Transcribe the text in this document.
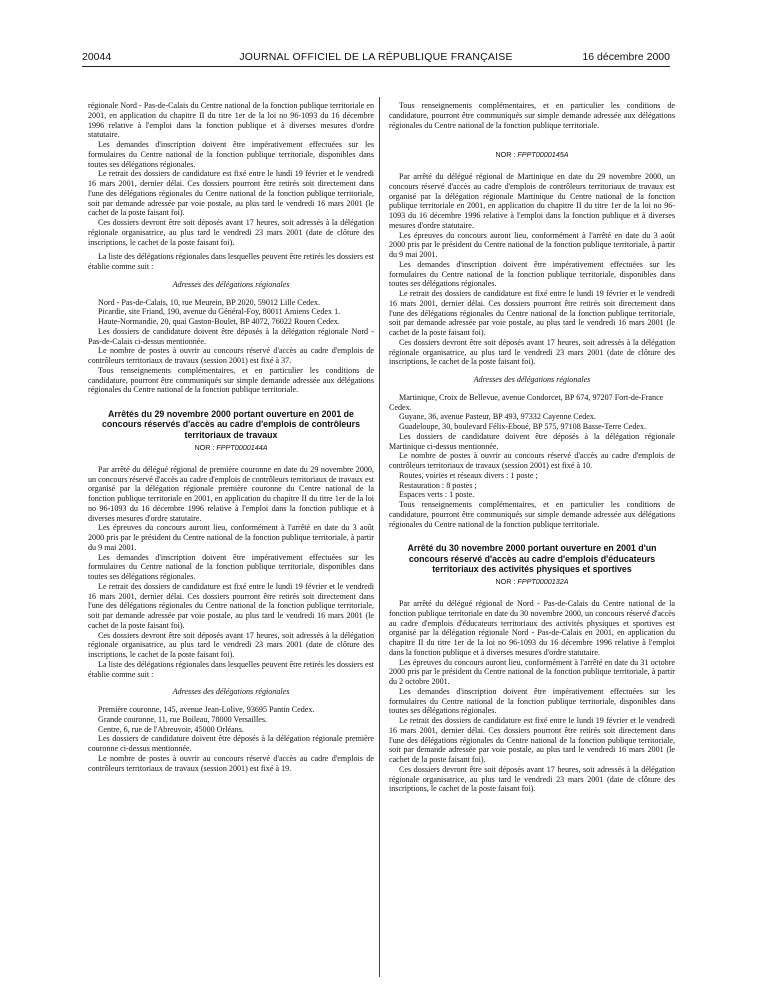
20044	JOURNAL OFFICIEL DE LA RÉPUBLIQUE FRANÇAISE	16 décembre 2000

régionale Nord - Pas-de-Calais du Centre national de la fonction publique territoriale en 2001, en application du chapitre II du titre 1er de la loi no 96-1093 du 16 décembre 1996 relative à l'emploi dans la fonction publique et à diverses mesures d'ordre statutaire.

Les demandes d'inscription doivent être impérativement effectuées sur les formulaires du Centre national de la fonction publique territoriale, disponibles dans toutes ses délégations régionales.

Le retrait des dossiers de candidature est fixé entre le lundi 19 février et le vendredi 16 mars 2001, dernier délai. Ces dossiers pourront être retirés soit directement dans l'une des délégations régionales du Centre national de la fonction publique territoriale, soit par demande adressée par voie postale, au plus tard le vendredi 16 mars 2001 (le cachet de la poste faisant foi).

Ces dossiers devront être soit déposés avant 17 heures, soit adressés à la délégation régionale organisatrice, au plus tard le vendredi 23 mars 2001 (date de clôture des inscriptions, le cachet de la poste faisant foi).

La liste des délégations régionales dans lesquelles peuvent être retirés les dossiers est établie comme suit :

Adresses des délégations régionales

Nord - Pas-de-Calais, 10, rue Meurein, BP 2020, 59012 Lille Cedex.

Picardie, site Friand, 190, avenue du Général-Foy, 80011 Amiens Cedex 1.

Haute-Normandie, 20, quai Gaston-Boulet, BP 4072, 76022 Rouen Cedex.

Les dossiers de candidature doivent être déposés à la délégation régionale Nord - Pas-de-Calais ci-dessus mentionnée.

Le nombre de postes à ouvrir au concours réservé d'accès au cadre d'emplois de contrôleurs territoriaux de travaux (session 2001) est fixé à 37.

Tous renseignements complémentaires, et en particulier les conditions de candidature, pourront être communiqués sur simple demande adressée aux délégations régionales du Centre national de la fonction publique territoriale.

Arrêtés du 29 novembre 2000 portant ouverture en 2001 de concours réservés d'accès au cadre d'emplois de contrôleurs territoriaux de travaux

NOR : FPPT0000144A

Par arrêté du délégué régional de première couronne en date du 29 novembre 2000, un concours réservé d'accès au cadre d'emplois de contrôleurs territoriaux de travaux est organisé par la délégation régionale première couronne du Centre national de la fonction publique territoriale en 2001, en application du chapitre II du titre 1er de la loi no 96-1093 du 16 décembre 1996 relative à l'emploi dans la fonction publique et à diverses mesures d'ordre statutaire.

Les épreuves du concours auront lieu, conformément à l'arrêté en date du 3 août 2000 pris par le président du Centre national de la fonction publique territoriale, à partir du 9 mai 2001.

Les demandes d'inscription doivent être impérativement effectuées sur les formulaires du Centre national de la fonction publique territoriale, disponibles dans toutes ses délégations régionales.

Le retrait des dossiers de candidature est fixé entre le lundi 19 février et le vendredi 16 mars 2001, dernier délai. Ces dossiers pourront être retirés soit directement dans l'une des délégations régionales du Centre national de la fonction publique territoriale, soit par demande adressée par voie postale, au plus tard le vendredi 16 mars 2001 (le cachet de la poste faisant foi).

Ces dossiers devront être soit déposés avant 17 heures, soit adressés à la délégation régionale organisatrice, au plus tard le vendredi 23 mars 2001 (date de clôture des inscriptions, le cachet de la poste faisant foi).

La liste des délégations régionales dans lesquelles peuvent être retirés les dossiers est établie comme suit :

Adresses des délégations régionales

Première couronne, 145, avenue Jean-Lolive, 93695 Pantin Cedex.

Grande couronne, 11, rue Boileau, 78000 Versailles.

Centre, 6, rue de l'Abreuvoir, 45000 Orléans.

Les dossiers de candidature doivent être déposés à la délégation régionale première couronne ci-dessus mentionnée.

Le nombre de postes à ouvrir au concours réservé d'accès au cadre d'emplois de contrôleurs territoriaux de travaux (session 2001) est fixé à 19.

Tous renseignements complémentaires, et en particulier les conditions de candidature, pourront être communiqués sur simple demande adressée aux délégations régionales du Centre national de la fonction publique territoriale.

NOR : FPPT0000145A

Par arrêté du délégué régional de Martinique en date du 29 novembre 2000, un concours réservé d'accès au cadre d'emplois de contrôleurs territoriaux de travaux est organisé par la délégation régionale Martinique du Centre national de la fonction publique territoriale en 2001, en application du chapitre II du titre 1er de la loi no 96-1093 du 16 décembre 1996 relative à l'emploi dans la fonction publique et à diverses mesures d'ordre statutaire.

Les épreuves du concours auront lieu, conformément à l'arrêté en date du 3 août 2000 pris par le président du Centre national de la fonction publique territoriale, à partir du 9 mai 2001.

Les demandes d'inscription doivent être impérativement effectuées sur les formulaires du Centre national de la fonction publique territoriale, disponibles dans toutes ses délégations régionales.

Le retrait des dossiers de candidature est fixé entre le lundi 19 février et le vendredi 16 mars 2001, dernier délai. Ces dossiers pourront être retirés soit directement dans l'une des délégations régionales du Centre national de la fonction publique territoriale, soit par demande adressée par voie postale, au plus tard le vendredi 16 mars 2001 (le cachet de la poste faisant foi).

Ces dossiers devront être soit déposés avant 17 heures, soit adressés à la délégation régionale organisatrice, au plus tard le vendredi 23 mars 2001 (date de clôture des inscriptions, le cachet de la poste faisant foi).

Adresses des délégations régionales

Martinique, Croix de Bellevue, avenue Condorcet, BP 674, 97207 Fort-de-France Cedex.

Guyane, 36, avenue Pasteur, BP 493, 97332 Cayenne Cedex.

Guadeloupe, 30, boulevard Félix-Eboué, BP 575, 97108 Basse-Terre Cedex.

Les dossiers de candidature doivent être déposés à la délégation régionale Martinique ci-dessus mentionnée.

Le nombre de postes à ouvrir au concours réservé d'accès au cadre d'emplois de contrôleurs territoriaux de travaux (session 2001) est fixé à 10.

Routes, voiries et réseaux divers : 1 poste ;

Restauration : 8 postes ;

Espaces verts : 1 poste.

Tous renseignements complémentaires, et en particulier les conditions de candidature, pourront être communiqués sur simple demande adressée aux délégations régionales du Centre national de la fonction publique territoriale.

Arrêté du 30 novembre 2000 portant ouverture en 2001 d'un concours réservé d'accès au cadre d'emplois d'éducateurs territoriaux des activités physiques et sportives

NOR : FPPT0000132A

Par arrêté du délégué régional de Nord - Pas-de-Calais du Centre national de la fonction publique territoriale en date du 30 novembre 2000, un concours réservé d'accès au cadre d'emplois d'éducateurs territoriaux des activités physiques et sportives est organisé par la délégation régionale Nord - Pas-de-Calais en 2001, en application du chapitre II du titre 1er de la loi no 96-1093 du 16 décembre 1996 relative à l'emploi dans la fonction publique et à diverses mesures d'ordre statutaire.

Les épreuves du concours auront lieu, conformément à l'arrêté en date du 31 octobre 2000 pris par le président du Centre national de la fonction publique territoriale, à partir du 2 octobre 2001.

Les demandes d'inscription doivent être impérativement effectuées sur les formulaires du Centre national de la fonction publique territoriale, disponibles dans toutes ses délégations régionales.

Le retrait des dossiers de candidature est fixé entre le lundi 19 février et le vendredi 16 mars 2001, dernier délai. Ces dossiers pourront être retirés soit directement dans l'une des délégations régionales du Centre national de la fonction publique territoriale, soit par demande adressée par voie postale, au plus tard le vendredi 16 mars 2001 (le cachet de la poste faisant foi).

Ces dossiers devront être soit déposés avant 17 heures, soit adressés à la délégation régionale organisatrice, au plus tard le vendredi 23 mars 2001 (date de clôture des inscriptions, le cachet de la poste faisant foi).
